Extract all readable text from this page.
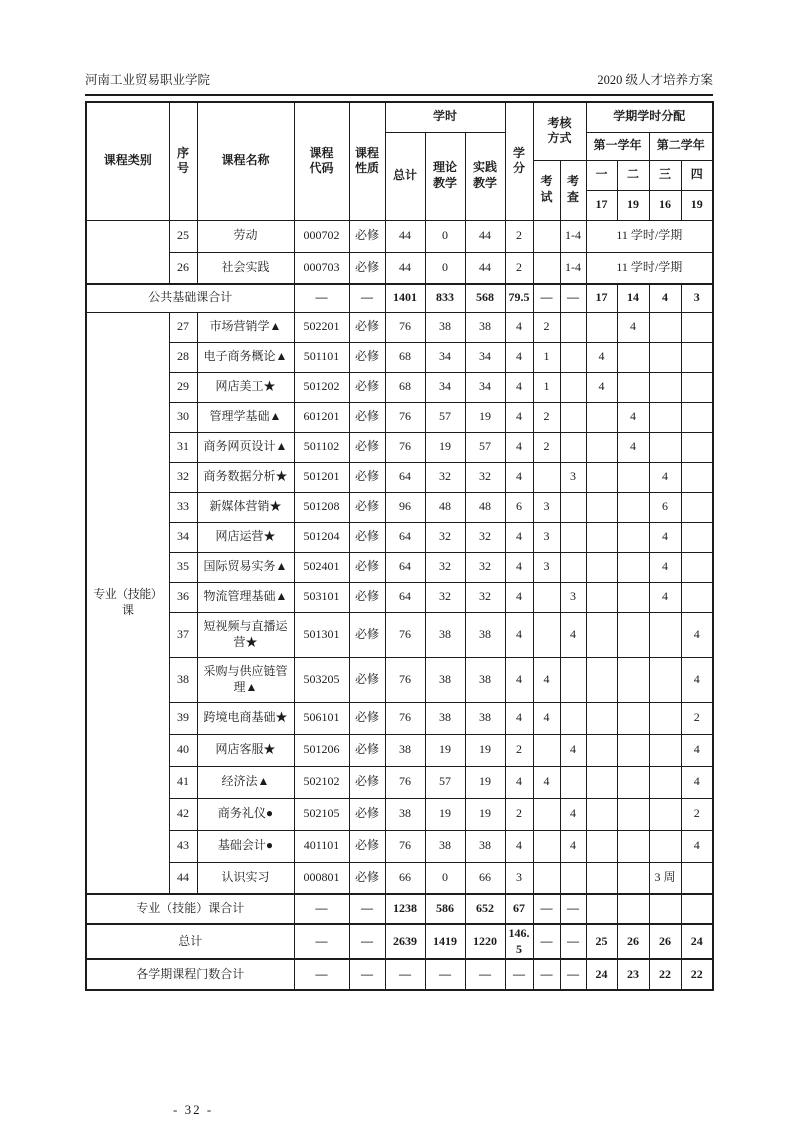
河南工业贸易职业学院	2020 级人才培养方案
课程类别	序号	课程名称	课程代码	课程性质	学时			学分	考核方式		学期学时分配			
					总计	理论教学	实践教学				第一学年		第二学年	
									考试	考查	一	二	三	四
											17	19	16	19
	25	劳动	000702	必修	44	0	44	2		1-4	11 学时/学期			
	26	社会实践	000703	必修	44	0	44	2		1-4	11 学时/学期			
公共基础课合计			—	—	1401	833	568	79.5	—	—	17	14	4	3
专业（技能）课	27	市场营销学▲	502201	必修	76	38	38	4	2			4		
	28	电子商务概论▲	501101	必修	68	34	34	4	1		4			
	29	网店美工★	501202	必修	68	34	34	4	1		4			
	30	管理学基础▲	601201	必修	76	57	19	4	2			4		
	31	商务网页设计▲	501102	必修	76	19	57	4	2			4		
	32	商务数据分析★	501201	必修	64	32	32	4		3			4	
	33	新媒体营销★	501208	必修	96	48	48	6	3				6	
	34	网店运营★	501204	必修	64	32	32	4	3				4	
	35	国际贸易实务▲	502401	必修	64	32	32	4	3				4	
	36	物流管理基础▲	503101	必修	64	32	32	4		3			4	
	37	短视频与直播运营★	501301	必修	76	38	38	4		4				4
	38	采购与供应链管理▲	503205	必修	76	38	38	4	4					4
	39	跨境电商基础★	506101	必修	76	38	38	4	4					2
	40	网店客服★	501206	必修	38	19	19	2		4				4
	41	经济法▲	502102	必修	76	57	19	4	4					4
	42	商务礼仪●	502105	必修	38	19	19	2		4				2
	43	基础会计●	401101	必修	76	38	38	4		4				4
	44	认识实习	000801	必修	66	0	66	3					3 周	
专业（技能）课合计			—	—	1238	586	652	67	—	—				
总计			—	—	2639	1419	1220	146.5	—	—	25	26	26	24
各学期课程门数合计			—	—	—	—	—	—	—	—	24	23	22	22
- 32 -
